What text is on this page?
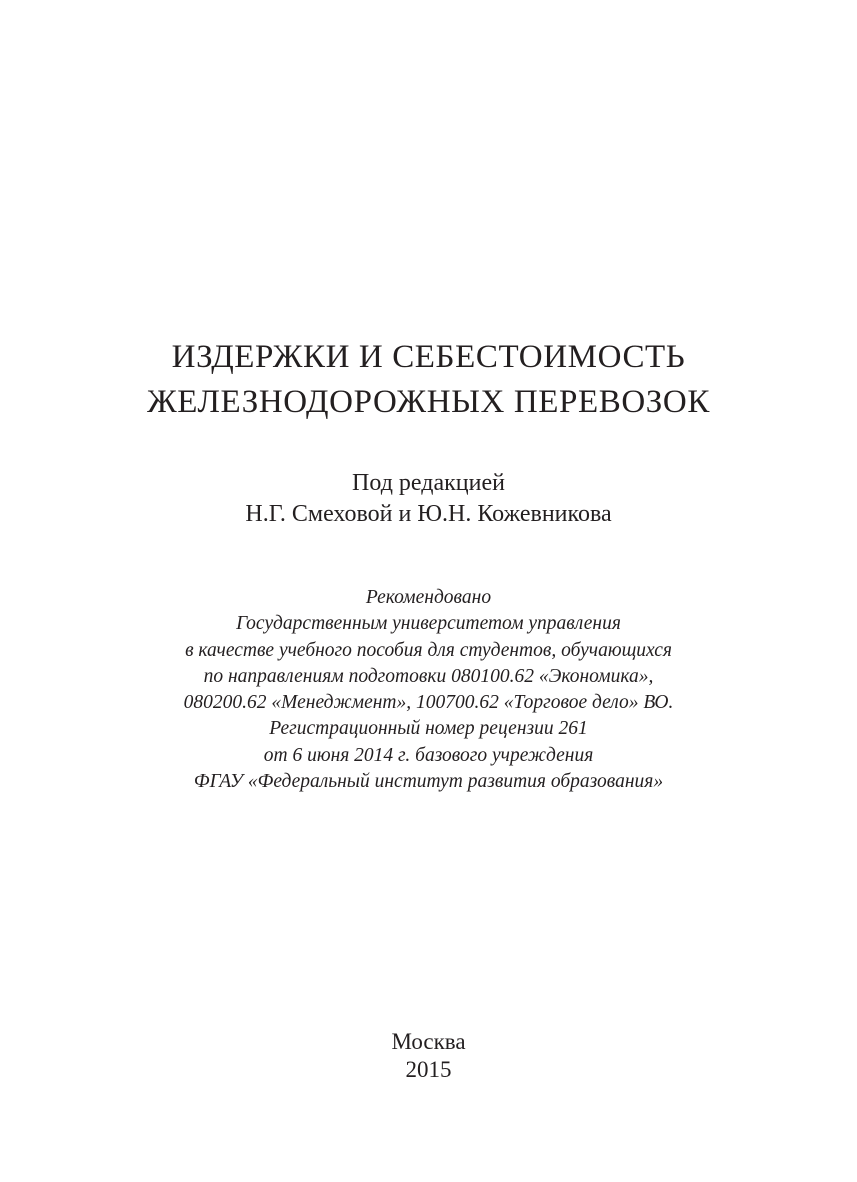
ИЗДЕРЖКИ И СЕБЕСТОИМОСТЬ
ЖЕЛЕЗНОДОРОЖНЫХ ПЕРЕВОЗОК
Под редакцией
Н.Г. Смеховой и Ю.Н. Кожевникова
Рекомендовано
Государственным университетом управления
в качестве учебного пособия для студентов, обучающихся
по направлениям подготовки 080100.62 «Экономика»,
080200.62 «Менеджмент», 100700.62 «Торговое дело» ВО.
Регистрационный номер рецензии 261
от 6 июня 2014 г. базового учреждения
ФГАУ «Федеральный институт развития образования»
Москва
2015
